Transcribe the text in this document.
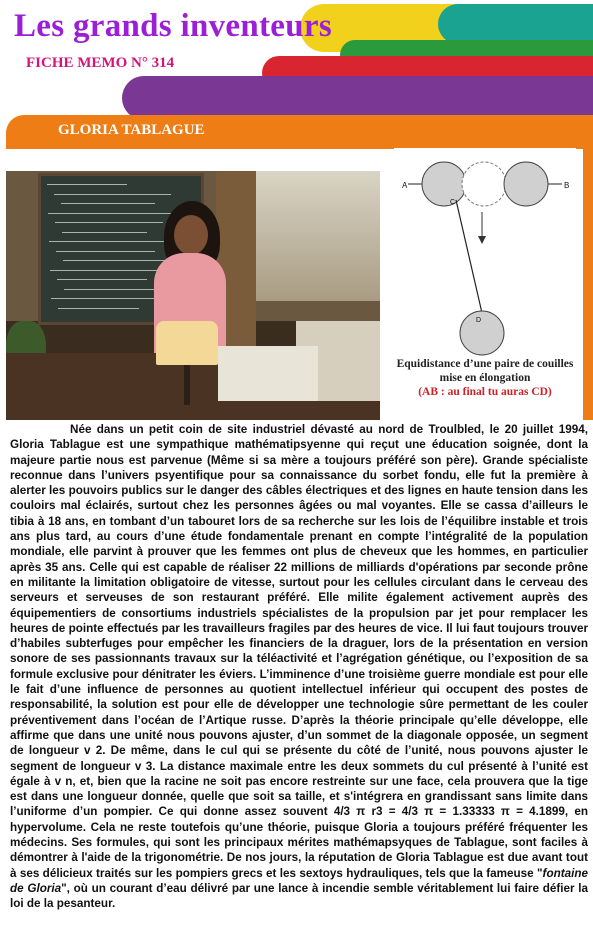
Les grands inventeurs
FICHE MEMO N° 314
GLORIA TABLAGUE
A	B
C
D
Equidistance d’une paire de couilles mise en élongation
(AB : au final tu auras CD)

Née dans un petit coin de site industriel dévasté au nord de Troulbled, le 20 juillet 1994, Gloria Tablague est une sympathique mathématipsyenne qui reçut une éducation soignée, dont la majeure partie nous est parvenue (Même si sa mère a toujours préféré son père). Grande spécialiste reconnue dans l’univers psyentifique pour sa connaissance du sorbet fondu, elle fut la première à alerter les pouvoirs publics sur le danger des câbles électriques et des lignes en haute tension dans les couloirs mal éclairés, surtout chez les personnes âgées ou mal voyantes. Elle se cassa d’ailleurs le tibia à 18 ans, en tombant d’un tabouret lors de sa recherche sur les lois de l’équilibre instable et trois ans plus tard, au cours d’une étude fondamentale prenant en compte l’intégralité de la population mondiale, elle parvint à prouver que les femmes ont plus de cheveux que les hommes, en particulier après 35 ans. Celle qui est capable de réaliser 22 millions de milliards d'opérations par seconde prône en militante la limitation obligatoire de vitesse, surtout pour les cellules circulant dans le cerveau des serveurs et serveuses de son restaurant préféré. Elle milite également activement auprès des équipementiers de consortiums industriels spécialistes de la propulsion par jet pour remplacer les heures de pointe effectués par les travailleurs fragiles par des heures de vice. Il lui faut toujours trouver d’habiles subterfuges pour empêcher les financiers de la draguer, lors de la présentation en version sonore de ses passionnants travaux sur la téléactivité et l’agrégation génétique, ou l’exposition de sa formule exclusive pour dénitrater les éviers. L’imminence d’une troisième guerre mondiale est pour elle le fait d’une influence de personnes au quotient intellectuel inférieur qui occupent des postes de responsabilité, la solution est pour elle de développer une technologie sûre permettant de les couler préventivement dans l’océan de l’Artique russe. D’après la théorie principale qu’elle développe, elle affirme que dans une unité nous pouvons ajuster, d’un sommet de la diagonale opposée, un segment de longueur v 2. De même, dans le cul qui se présente du côté de l’unité, nous pouvons ajuster le segment de longueur v 3. La distance maximale entre les deux sommets du cul présenté à l’unité est égale à v n, et, bien que la racine ne soit pas encore restreinte sur une face, cela prouvera que la tige est dans une longueur donnée, quelle que soit sa taille, et s'intégrera en grandissant sans limite dans l’uniforme d’un pompier. Ce qui donne assez souvent 4/3 π r3 = 4/3 π = 1.33333 π = 4.1899, en hypervolume. Cela ne reste toutefois qu’une théorie, puisque Gloria a toujours préféré fréquenter les médecins. Ses formules, qui sont les principaux mérites mathémapsyques de Tablague, sont faciles à démontrer à l'aide de la trigonométrie. De nos jours, la réputation de Gloria Tablague est due avant tout à ses délicieux traités sur les pompiers grecs et les sextoys hydrauliques, tels que la fameuse "fontaine de Gloria", où un courant d’eau délivré par une lance à incendie semble véritablement lui faire défier la loi de la pesanteur.
